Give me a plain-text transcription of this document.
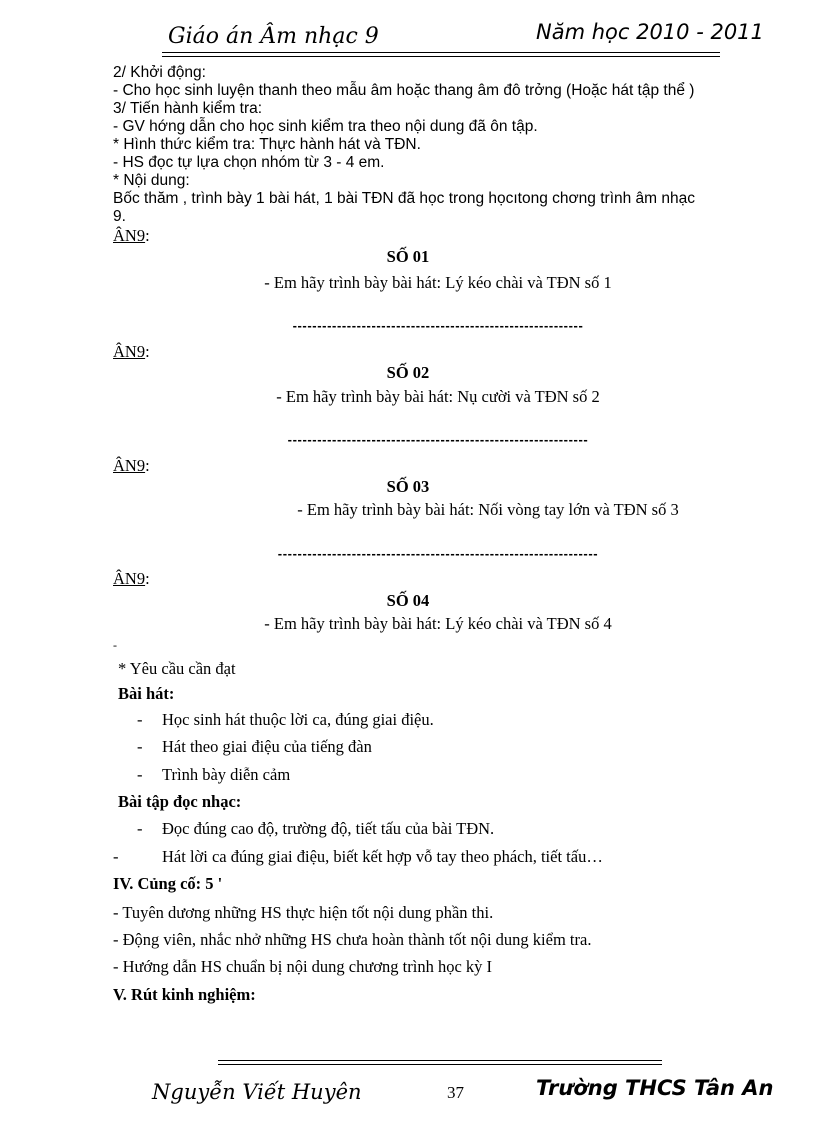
Giáo án Âm nhạc 9	Năm học 2010 - 2011
2/ Khởi động:
- Cho học sinh luyện thanh theo mẫu âm hoặc thang âm đô trởng (Hoặc hát tập thể )
3/ Tiến hành kiểm tra:
- GV hớng dẫn cho học sinh kiểm tra theo nội dung đã ôn tập.
* Hình thức kiểm tra: Thực hành hát và TĐN.
- HS đọc tự lựa chọn nhóm từ 3 - 4 em.
* Nội dung:
Bốc thăm , trình bày 1 bài hát, 1 bài TĐN đã học trong họcıtong chơng trình âm nhạc
9.
ÂN9:
SỐ 01
- Em hãy trình bày bài hát: Lý kéo chài và TĐN số 1
-----------------------------------------------------------
ÂN9:
SỐ 02
- Em hãy trình bày bài hát: Nụ cười và TĐN số 2
-------------------------------------------------------------
ÂN9:
SỐ 03
- Em hãy trình bày bài hát: Nối vòng tay lớn và TĐN số 3
-----------------------------------------------------------------
ÂN9:
SỐ 04
- Em hãy trình bày bài hát: Lý kéo chài và TĐN số 4
-
* Yêu cầu cần đạt
Bài hát:
- Học sinh hát thuộc lời ca, đúng giai điệu.
- Hát theo giai điệu của tiếng đàn
- Trình bày diễn cảm
Bài tập đọc nhạc:
- Đọc đúng cao độ, trường độ, tiết tấu của bài TĐN.
-	Hát lời ca đúng giai điệu, biết kết hợp vỗ tay theo phách, tiết tấu…
IV. Củng cố: 5 '
- Tuyên dương những HS thực hiện tốt nội dung phần thi.
- Động viên, nhắc nhở những HS chưa hoàn thành tốt nội dung kiểm tra.
- Hướng dẫn HS chuẩn bị nội dung chương trình học kỳ I
V. Rút kinh nghiệm:
Nguyễn Viết Huyên	37	Trường THCS Tân An
